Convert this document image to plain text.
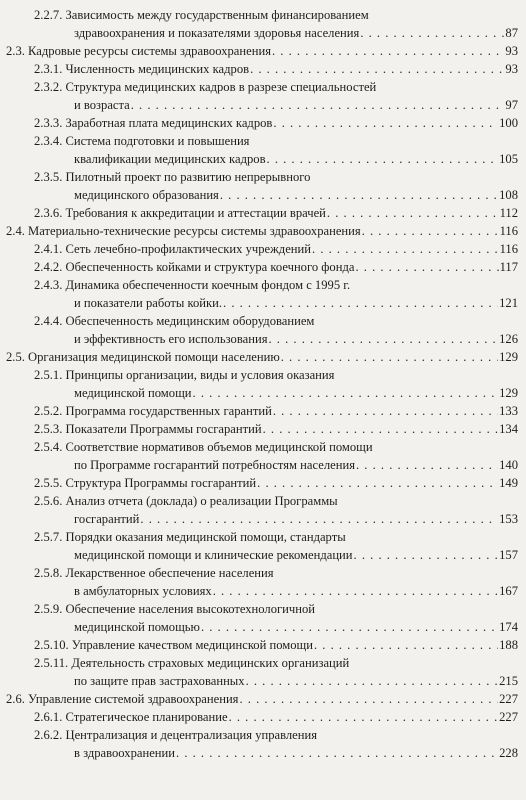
2.2.7. Зависимость между государственным финансированием
здравоохранения и показателями здоровья населения . . .	87
2.3. Кадровые ресурсы системы здравоохранения . . .	93
2.3.1. Численность медицинских кадров . . .	93
2.3.2. Структура медицинских кадров в разрезе специальностей
и возраста . . .	97
2.3.3. Заработная плата медицинских кадров . . .	100
2.3.4. Система подготовки и повышения
квалификации медицинских кадров . . .	105
2.3.5. Пилотный проект по развитию непрерывного
медицинского образования . . .	108
2.3.6. Требования к аккредитации и аттестации врачей . . .	112
2.4. Материально-технические ресурсы системы здравоохранения . . .	116
2.4.1. Сеть лечебно-профилактических учреждений . . .	116
2.4.2. Обеспеченность койками и структура коечного фонда . . .	117
2.4.3. Динамика обеспеченности коечным фондом с 1995 г.
и показатели работы койки. . . .	121
2.4.4. Обеспеченность медицинским оборудованием
и эффективность его использования . . .	126
2.5. Организация медицинской помощи населению . . .	129
2.5.1. Принципы организации, виды и условия оказания
медицинской помощи . . .	129
2.5.2. Программа государственных гарантий . . .	133
2.5.3. Показатели Программы госгарантий . . .	134
2.5.4. Соответствие нормативов объемов медицинской помощи
по Программе госгарантий потребностям населения . . .	140
2.5.5. Структура Программы госгарантий . . .	149
2.5.6. Анализ отчета (доклада) о реализации Программы
госгарантий . . .	153
2.5.7. Порядки оказания медицинской помощи, стандарты
медицинской помощи и клинические рекомендации . . .	157
2.5.8. Лекарственное обеспечение населения
в амбулаторных условиях . . .	167
2.5.9. Обеспечение населения высокотехнологичной
медицинской помощью . . .	174
2.5.10. Управление качеством медицинской помощи . . .	188
2.5.11. Деятельность страховых медицинских организаций
по защите прав застрахованных . . .	215
2.6. Управление системой здравоохранения . . .	227
2.6.1. Стратегическое планирование . . .	227
2.6.2. Централизация и децентрализация управления
в здравоохранении . . .	228
